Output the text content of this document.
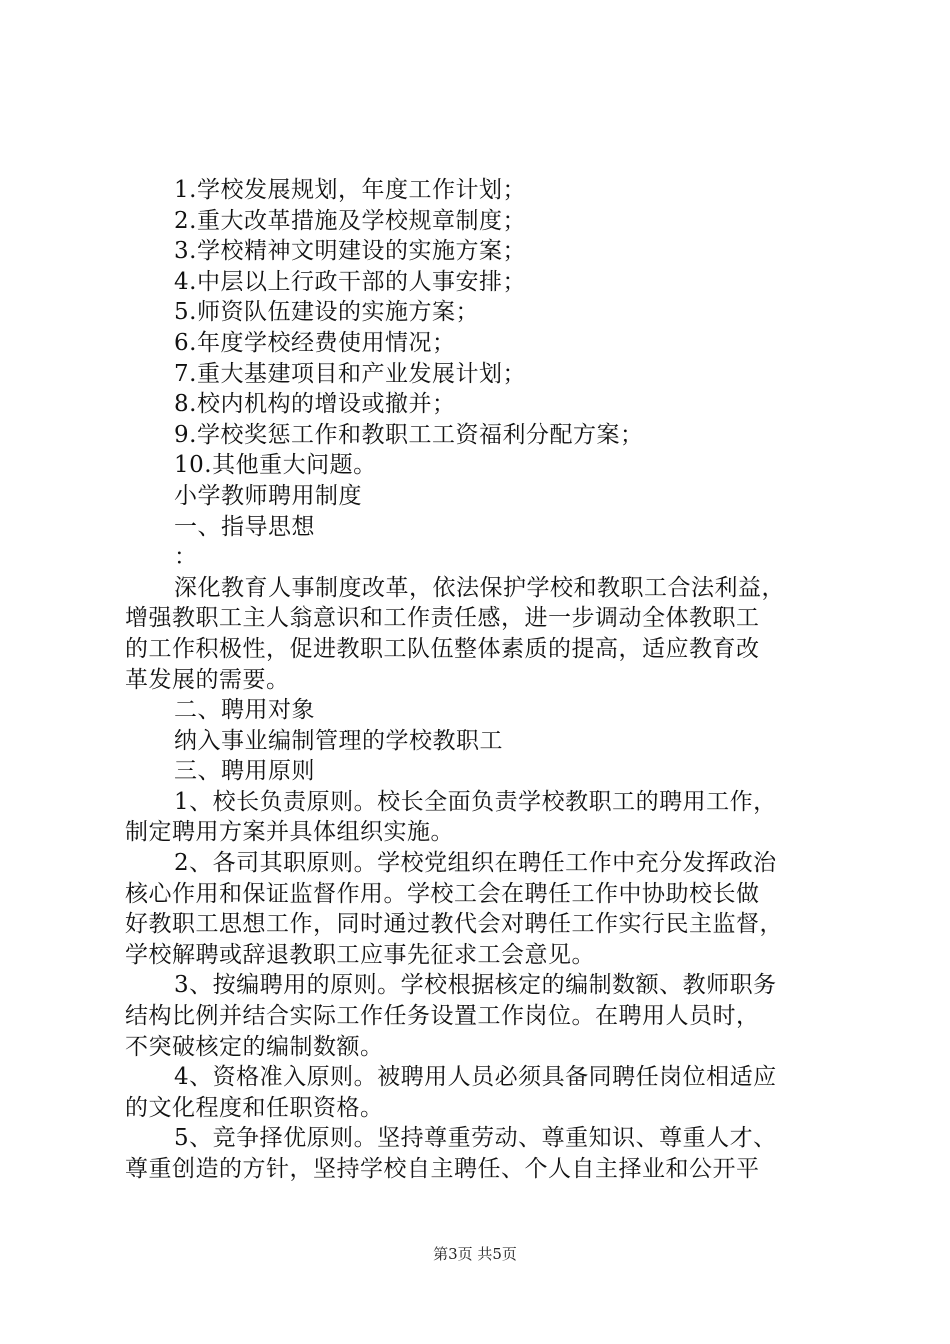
1.学校发展规划，年度工作计划；
2.重大改革措施及学校规章制度；
3.学校精神文明建设的实施方案；
4.中层以上行政干部的人事安排；
5.师资队伍建设的实施方案；
6.年度学校经费使用情况；
7.重大基建项目和产业发展计划；
8.校内机构的增设或撤并；
9.学校奖惩工作和教职工工资福利分配方案；
10.其他重大问题。
小学教师聘用制度
一、指导思想
：
深化教育人事制度改革，依法保护学校和教职工合法利益，
增强教职工主人翁意识和工作责任感，进一步调动全体教职工
的工作积极性，促进教职工队伍整体素质的提高，适应教育改
革发展的需要。
二、聘用对象
纳入事业编制管理的学校教职工
三、聘用原则
1、校长负责原则。校长全面负责学校教职工的聘用工作，
制定聘用方案并具体组织实施。
2、各司其职原则。学校党组织在聘任工作中充分发挥政治
核心作用和保证监督作用。学校工会在聘任工作中协助校长做
好教职工思想工作，同时通过教代会对聘任工作实行民主监督，
学校解聘或辞退教职工应事先征求工会意见。
3、按编聘用的原则。学校根据核定的编制数额、教师职务
结构比例并结合实际工作任务设置工作岗位。在聘用人员时，
不突破核定的编制数额。
4、资格准入原则。被聘用人员必须具备同聘任岗位相适应
的文化程度和任职资格。
5、竞争择优原则。坚持尊重劳动、尊重知识、尊重人才、
尊重创造的方针，坚持学校自主聘任、个人自主择业和公开平
第3页 共5页
